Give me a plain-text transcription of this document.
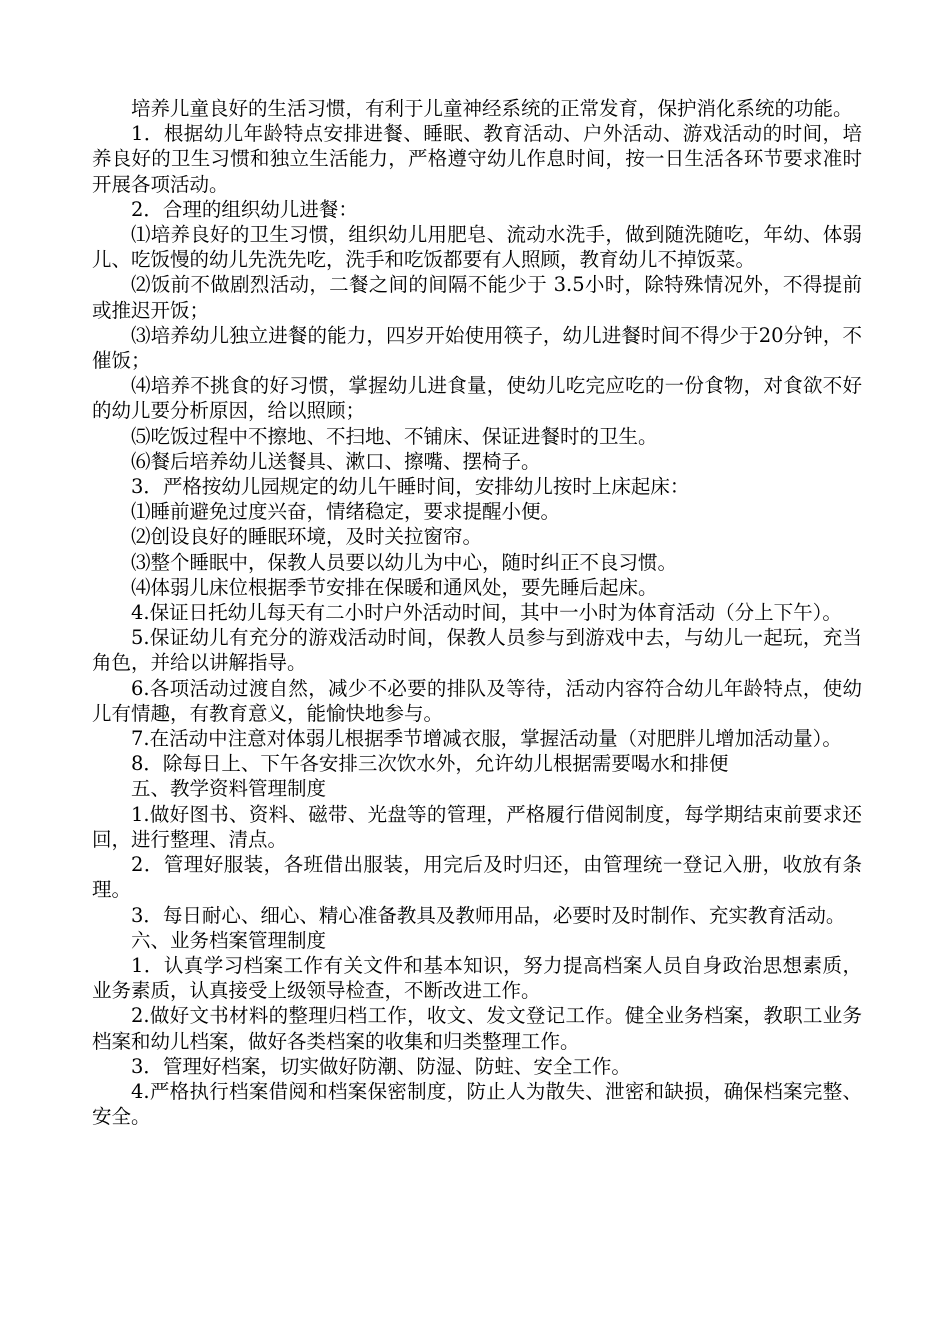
培养儿童良好的生活习惯，有利于儿童神经系统的正常发育，保护消化系统的功能。

1．根据幼儿年龄特点安排进餐、睡眠、教育活动、户外活动、游戏活动的时间，培养良好的卫生习惯和独立生活能力，严格遵守幼儿作息时间，按一日生活各环节要求准时开展各项活动。

2．合理的组织幼儿进餐：

⑴培养良好的卫生习惯，组织幼儿用肥皂、流动水洗手，做到随洗随吃，年幼、体弱儿、吃饭慢的幼儿先洗先吃，洗手和吃饭都要有人照顾，教育幼儿不掉饭菜。

⑵饭前不做剧烈活动，二餐之间的间隔不能少于 3.5小时，除特殊情况外，不得提前或推迟开饭；

⑶培养幼儿独立进餐的能力，四岁开始使用筷子，幼儿进餐时间不得少于20分钟，不催饭；

⑷培养不挑食的好习惯，掌握幼儿进食量，使幼儿吃完应吃的一份食物，对食欲不好的幼儿要分析原因，给以照顾；

⑸吃饭过程中不擦地、不扫地、不铺床、保证进餐时的卫生。

⑹餐后培养幼儿送餐具、漱口、擦嘴、摆椅子。

3．严格按幼儿园规定的幼儿午睡时间，安排幼儿按时上床起床：

⑴睡前避免过度兴奋，情绪稳定，要求提醒小便。

⑵创设良好的睡眠环境，及时关拉窗帘。

⑶整个睡眠中，保教人员要以幼儿为中心，随时纠正不良习惯。

⑷体弱儿床位根据季节安排在保暖和通风处，要先睡后起床。

4.保证日托幼儿每天有二小时户外活动时间，其中一小时为体育活动（分上下午）。

5.保证幼儿有充分的游戏活动时间，保教人员参与到游戏中去，与幼儿一起玩，充当角色，并给以讲解指导。

6.各项活动过渡自然，减少不必要的排队及等待，活动内容符合幼儿年龄特点，使幼儿有情趣，有教育意义，能愉快地参与。

7.在活动中注意对体弱儿根据季节增减衣服，掌握活动量（对肥胖儿增加活动量）。

8．除每日上、下午各安排三次饮水外，允许幼儿根据需要喝水和排便

五、教学资料管理制度

1.做好图书、资料、磁带、光盘等的管理，严格履行借阅制度，每学期结束前要求还回，进行整理、清点。

2．管理好服装，各班借出服装，用完后及时归还，由管理统一登记入册，收放有条理。

3．每日耐心、细心、精心准备教具及教师用品，必要时及时制作、充实教育活动。

六、业务档案管理制度

1．认真学习档案工作有关文件和基本知识，努力提高档案人员自身政治思想素质，业务素质，认真接受上级领导检查，不断改进工作。

2.做好文书材料的整理归档工作，收文、发文登记工作。健全业务档案，教职工业务档案和幼儿档案，做好各类档案的收集和归类整理工作。

3．管理好档案，切实做好防潮、防湿、防蛀、安全工作。

4.严格执行档案借阅和档案保密制度，防止人为散失、泄密和缺损，确保档案完整、安全。
